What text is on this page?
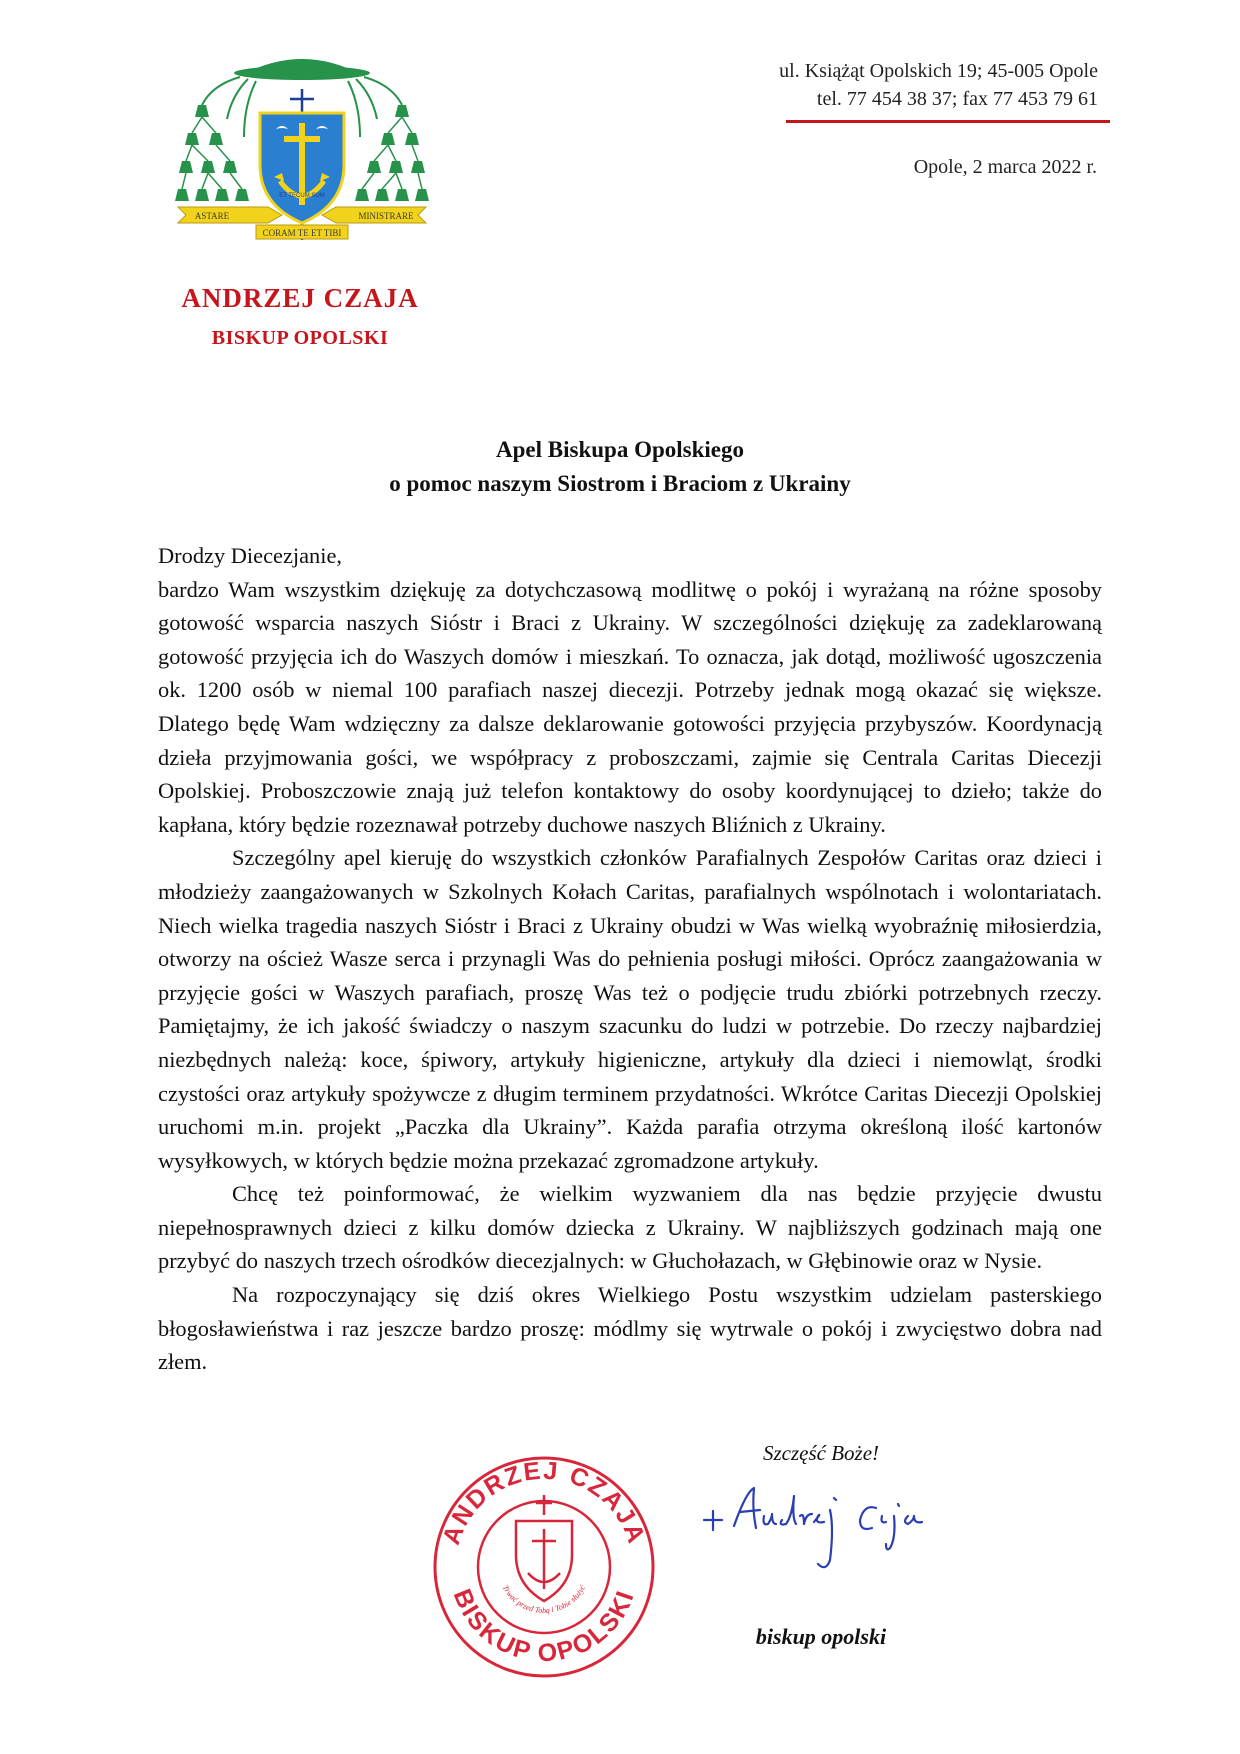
ET TECUM SUM
ASTARE	MINISTRARE
CORAM TE ET TIBI
ANDRZEJ CZAJA
BISKUP OPOLSKI
ul. Książąt Opolskich 19; 45-005 Opole
tel. 77 454 38 37; fax 77 453 79 61
Opole, 2 marca 2022 r.
Apel Biskupa Opolskiego
o pomoc naszym Siostrom i Braciom z Ukrainy

Drodzy Diecezjanie,

bardzo Wam wszystkim dziękuję za dotychczasową modlitwę o pokój i wyrażaną na różne sposoby gotowość wsparcia naszych Sióstr i Braci z Ukrainy. W szczególności dziękuję za zadeklarowaną gotowość przyjęcia ich do Waszych domów i mieszkań. To oznacza, jak dotąd, możliwość ugoszczenia ok. 1200 osób w niemal 100 parafiach naszej diecezji. Potrzeby jednak mogą okazać się większe. Dlatego będę Wam wdzięczny za dalsze deklarowanie gotowości przyjęcia przybyszów. Koordynacją dzieła przyjmowania gości, we współpracy z proboszczami, zajmie się Centrala Caritas Diecezji Opolskiej. Proboszczowie znają już telefon kontaktowy do osoby koordynującej to dzieło; także do kapłana, który będzie rozeznawał potrzeby duchowe naszych Bliźnich z Ukrainy.

Szczególny apel kieruję do wszystkich członków Parafialnych Zespołów Caritas oraz dzieci i młodzieży zaangażowanych w Szkolnych Kołach Caritas, parafialnych wspólnotach i wolontariatach. Niech wielka tragedia naszych Sióstr i Braci z Ukrainy obudzi w Was wielką wyobraźnię miłosierdzia, otworzy na oścież Wasze serca i przynagli Was do pełnienia posługi miłości. Oprócz zaangażowania w przyjęcie gości w Waszych parafiach, proszę Was też o podjęcie trudu zbiórki potrzebnych rzeczy. Pamiętajmy, że ich jakość świadczy o naszym szacunku do ludzi w potrzebie. Do rzeczy najbardziej niezbędnych należą: koce, śpiwory, artykuły higieniczne, artykuły dla dzieci i niemowląt, środki czystości oraz artykuły spożywcze z długim terminem przydatności. Wkrótce Caritas Diecezji Opolskiej uruchomi m.in. projekt „Paczka dla Ukrainy”. Każda parafia otrzyma określoną ilość kartonów wysyłkowych, w których będzie można przekazać zgromadzone artykuły.

Chcę też poinformować, że wielkim wyzwaniem dla nas będzie przyjęcie dwustu niepełnosprawnych dzieci z kilku domów dziecka z Ukrainy. W najbliższych godzinach mają one przybyć do naszych trzech ośrodków diecezjalnych: w Głuchołazach, w Głębinowie oraz w Nysie.

Na rozpoczynający się dziś okres Wielkiego Postu wszystkim udzielam pasterskiego błogosławieństwa i raz jeszcze bardzo proszę: módlmy się wytrwale o pokój i zwycięstwo dobra nad złem.

ANDRZEJ CZAJA
BISKUP OPOLSKI
Trwać przed Tobą i Tobie służyć
Szczęść Boże!
biskup opolski
